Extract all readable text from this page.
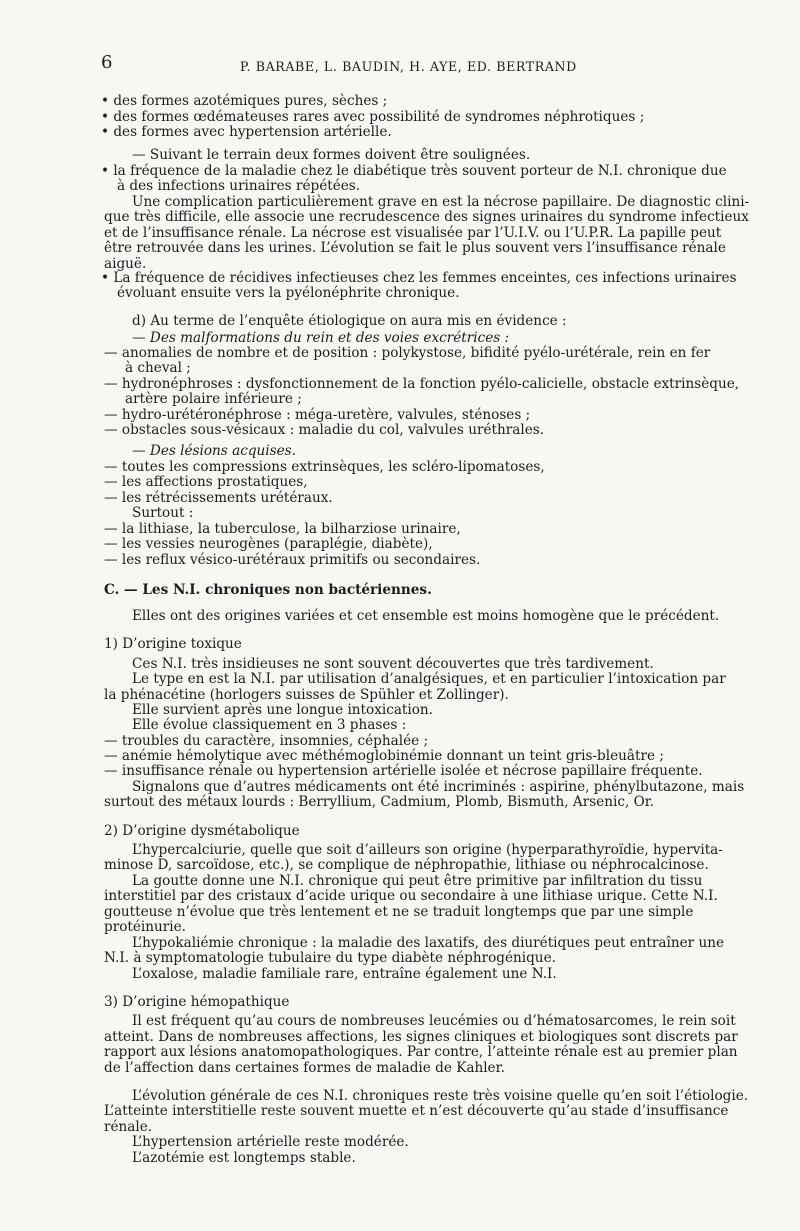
6	P. BARABE, L. BAUDIN, H. AYE, ED. BERTRAND
• des formes azotémiques pures, sèches ;
• des formes œdémateuses rares avec possibilité de syndromes néphrotiques ;
• des formes avec hypertension artérielle.
— Suivant le terrain deux formes doivent être soulignées.
• la fréquence de la maladie chez le diabétique très souvent porteur de N.I. chronique due
à des infections urinaires répétées.
Une complication particulièrement grave en est la nécrose papillaire. De diagnostic clini-
que très difficile, elle associe une recrudescence des signes urinaires du syndrome infectieux
et de l’insuffisance rénale. La nécrose est visualisée par l’U.I.V. ou l’U.P.R. La papille peut
être retrouvée dans les urines. L’évolution se fait le plus souvent vers l’insuffisance rénale
aiguë.
• La fréquence de récidives infectieuses chez les femmes enceintes, ces infections urinaires
évoluant ensuite vers la pyélonéphrite chronique.
d) Au terme de l’enquête étiologique on aura mis en évidence :
— Des malformations du rein et des voies excrétrices :
— anomalies de nombre et de position : polykystose, bifidité pyélo-urétérale, rein en fer
à cheval ;
— hydronéphroses : dysfonctionnement de la fonction pyélo-calicielle, obstacle extrinsèque,
artère polaire inférieure ;
— hydro-urétéronéphrose : méga-uretère, valvules, sténoses ;
— obstacles sous-vésicaux : maladie du col, valvules uréthrales.
— Des lésions acquises.
— toutes les compressions extrinsèques, les scléro-lipomatoses,
— les affections prostatiques,
— les rétrécissements urétéraux.
Surtout :
— la lithiase, la tuberculose, la bilharziose urinaire,
— les vessies neurogènes (paraplégie, diabète),
— les reflux vésico-urétéraux primitifs ou secondaires.
C. — Les N.I. chroniques non bactériennes.
Elles ont des origines variées et cet ensemble est moins homogène que le précédent.
1) D’origine toxique
Ces N.I. très insidieuses ne sont souvent découvertes que très tardivement.
Le type en est la N.I. par utilisation d’analgésiques, et en particulier l’intoxication par
la phénacétine (horlogers suisses de Spühler et Zollinger).
Elle survient après une longue intoxication.
Elle évolue classiquement en 3 phases :
— troubles du caractère, insomnies, céphalée ;
— anémie hémolytique avec méthémoglobinémie donnant un teint gris-bleuâtre ;
— insuffisance rénale ou hypertension artérielle isolée et nécrose papillaire fréquente.
Signalons que d’autres médicaments ont été incriminés : aspirine, phénylbutazone, mais
surtout des métaux lourds : Berryllium, Cadmium, Plomb, Bismuth, Arsenic, Or.
2) D’origine dysmétabolique
L’hypercalciurie, quelle que soit d’ailleurs son origine (hyperparathyroïdie, hypervita-
minose D, sarcoïdose, etc.), se complique de néphropathie, lithiase ou néphrocalcinose.
La goutte donne une N.I. chronique qui peut être primitive par infiltration du tissu
interstitiel par des cristaux d’acide urique ou secondaire à une lithiase urique. Cette N.I.
goutteuse n’évolue que très lentement et ne se traduit longtemps que par une simple
protéinurie.
L’hypokaliémie chronique : la maladie des laxatifs, des diurétiques peut entraîner une
N.I. à symptomatologie tubulaire du type diabète néphrogénique.
L’oxalose, maladie familiale rare, entraîne également une N.I.
3) D’origine hémopathique
Il est fréquent qu’au cours de nombreuses leucémies ou d’hématosarcomes, le rein soit
atteint. Dans de nombreuses affections, les signes cliniques et biologiques sont discrets par
rapport aux lésions anatomopathologiques. Par contre, l’atteinte rénale est au premier plan
de l’affection dans certaines formes de maladie de Kahler.
L’évolution générale de ces N.I. chroniques reste très voisine quelle qu’en soit l’étiologie.
L’atteinte interstitielle reste souvent muette et n’est découverte qu’au stade d’insuffisance
rénale.
L’hypertension artérielle reste modérée.
L’azotémie est longtemps stable.
